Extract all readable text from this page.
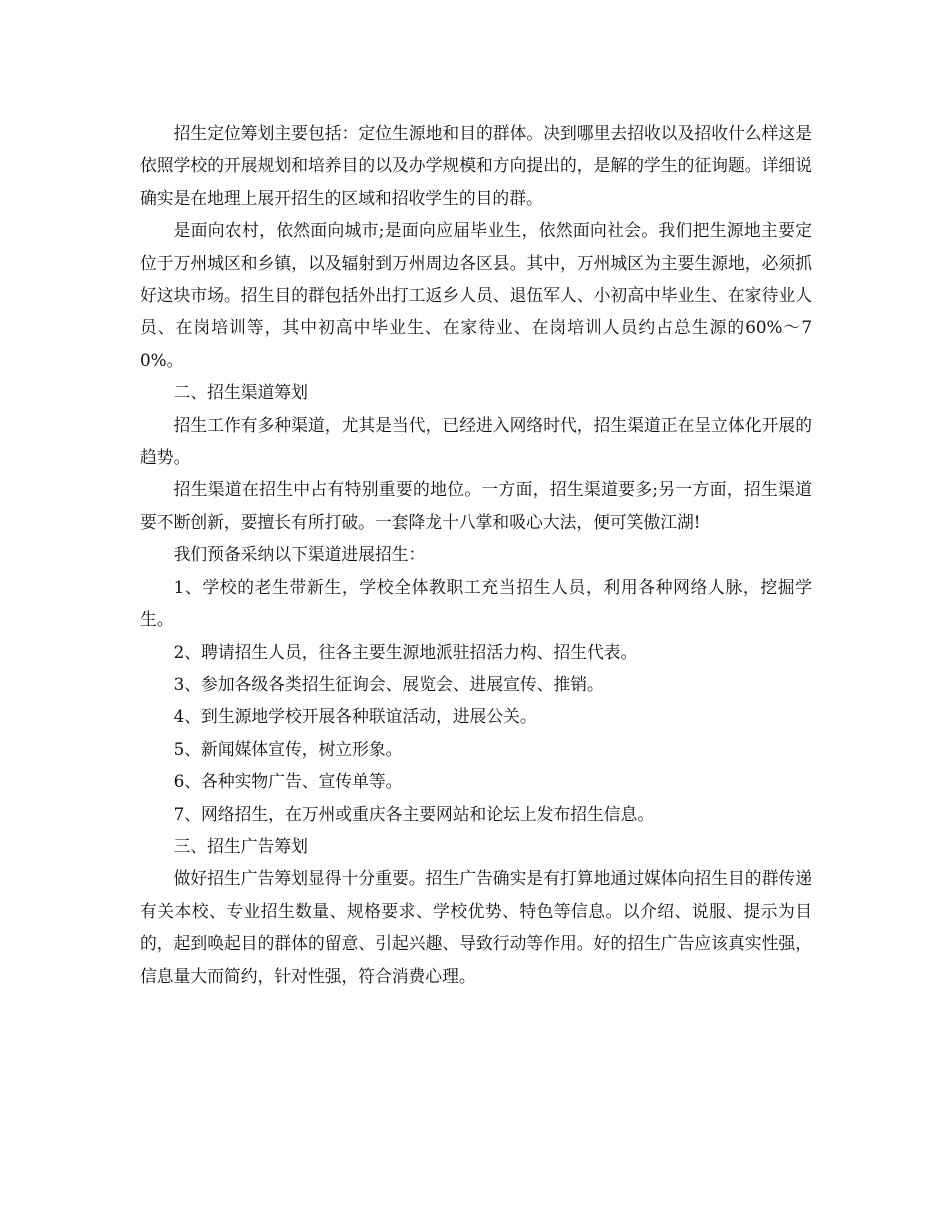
招生定位筹划主要包括：定位生源地和目的群体。决到哪里去招收以及招收什么样这是依照学校的开展规划和培养目的以及办学规模和方向提出的，是解的学生的征询题。详细说确实是在地理上展开招生的区域和招收学生的目的群。

是面向农村，依然面向城市;是面向应届毕业生，依然面向社会。我们把生源地主要定位于万州城区和乡镇，以及辐射到万州周边各区县。其中，万州城区为主要生源地，必须抓好这块市场。招生目的群包括外出打工返乡人员、退伍军人、小初高中毕业生、在家待业人员、在岗培训等，其中初高中毕业生、在家待业、在岗培训人员约占总生源的60%～70%。

二、招生渠道筹划

招生工作有多种渠道，尤其是当代，已经进入网络时代，招生渠道正在呈立体化开展的趋势。

招生渠道在招生中占有特别重要的地位。一方面，招生渠道要多;另一方面，招生渠道要不断创新，要擅长有所打破。一套降龙十八掌和吸心大法，便可笑傲江湖!

我们预备采纳以下渠道进展招生：

1、学校的老生带新生，学校全体教职工充当招生人员，利用各种网络人脉，挖掘学生。

2、聘请招生人员，往各主要生源地派驻招活力构、招生代表。

3、参加各级各类招生征询会、展览会、进展宣传、推销。

4、到生源地学校开展各种联谊活动，进展公关。

5、新闻媒体宣传，树立形象。

6、各种实物广告、宣传单等。

7、网络招生，在万州或重庆各主要网站和论坛上发布招生信息。

三、招生广告筹划

做好招生广告筹划显得十分重要。招生广告确实是有打算地通过媒体向招生目的群传递有关本校、专业招生数量、规格要求、学校优势、特色等信息。以介绍、说服、提示为目的，起到唤起目的群体的留意、引起兴趣、导致行动等作用。好的招生广告应该真实性强，信息量大而简约，针对性强，符合消费心理。
